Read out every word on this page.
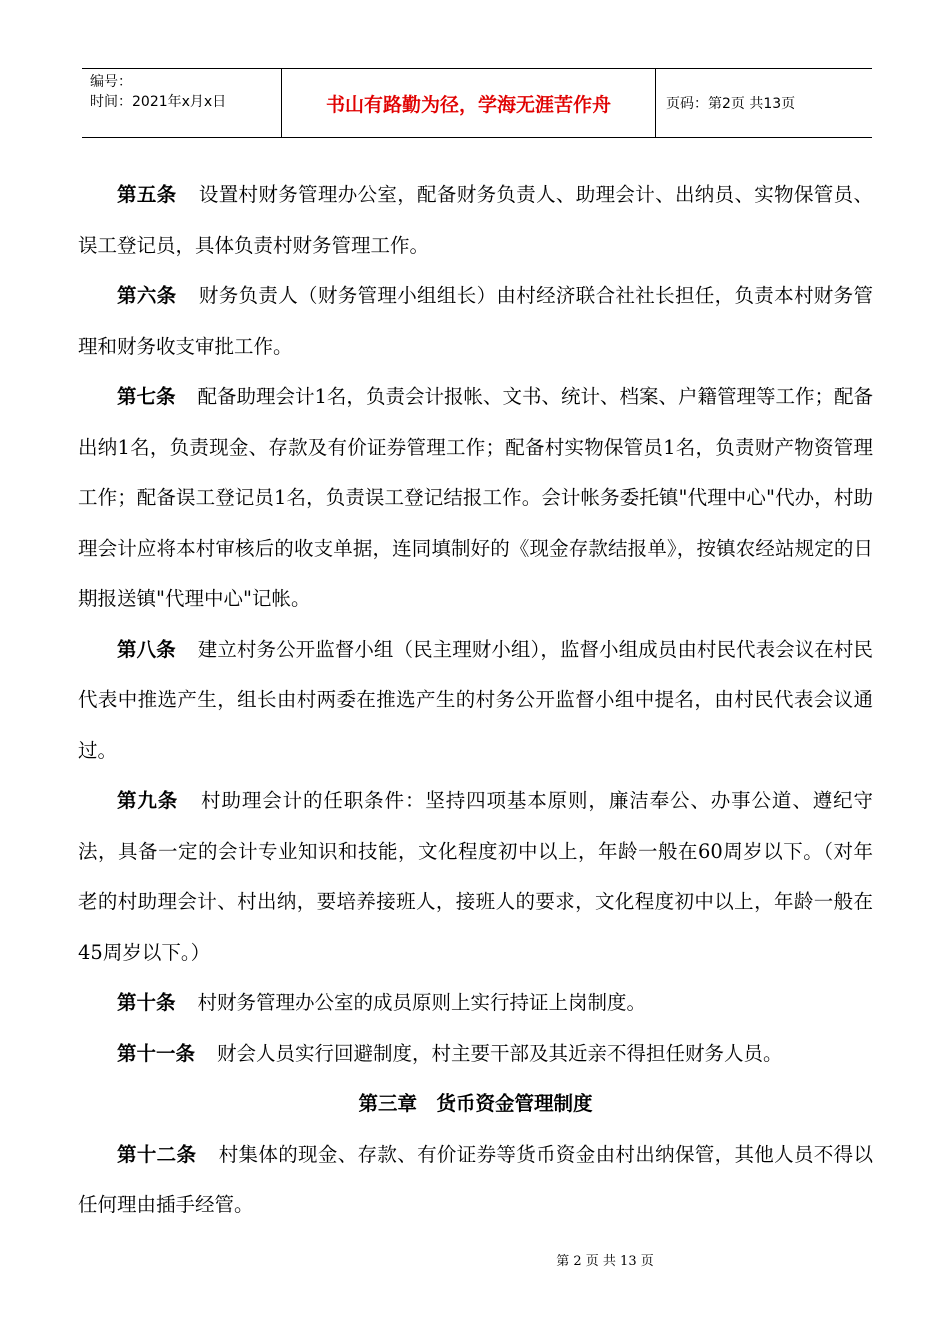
编号：
时间：2021年x月x日	书山有路勤为径，学海无涯苦作舟	页码：第2页 共13页

第五条 设置村财务管理办公室，配备财务负责人、助理会计、出纳员、实物保管员、误工登记员，具体负责村财务管理工作。

第六条 财务负责人（财务管理小组组长）由村经济联合社社长担任，负责本村财务管理和财务收支审批工作。

第七条 配备助理会计1名，负责会计报帐、文书、统计、档案、户籍管理等工作；配备出纳1名，负责现金、存款及有价证券管理工作；配备村实物保管员1名，负责财产物资管理工作；配备误工登记员1名，负责误工登记结报工作。会计帐务委托镇"代理中心"代办，村助理会计应将本村审核后的收支单据，连同填制好的《现金存款结报单》，按镇农经站规定的日期报送镇"代理中心"记帐。

第八条 建立村务公开监督小组（民主理财小组），监督小组成员由村民代表会议在村民代表中推选产生，组长由村两委在推选产生的村务公开监督小组中提名，由村民代表会议通过。

第九条 村助理会计的任职条件：坚持四项基本原则，廉洁奉公、办事公道、遵纪守法，具备一定的会计专业知识和技能，文化程度初中以上，年龄一般在60周岁以下。（对年老的村助理会计、村出纳，要培养接班人，接班人的要求，文化程度初中以上，年龄一般在45周岁以下。）

第十条 村财务管理办公室的成员原则上实行持证上岗制度。

第十一条 财会人员实行回避制度，村主要干部及其近亲不得担任财务人员。

第三章　货币资金管理制度

第十二条 村集体的现金、存款、有价证券等货币资金由村出纳保管，其他人员不得以任何理由插手经管。

第 2 页 共 13 页
